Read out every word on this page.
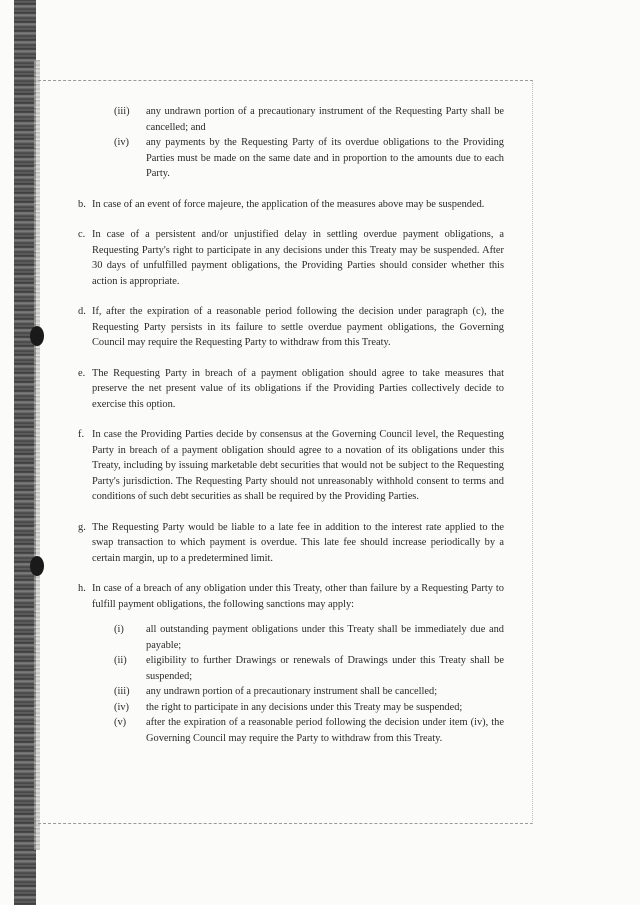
(iii)	any undrawn portion of a precautionary instrument of the Requesting Party shall be cancelled; and
(iv)	any payments by the Requesting Party of its overdue obligations to the Providing Parties must be made on the same date and in proportion to the amounts due to each Party.
b. In case of an event of force majeure, the application of the measures above may be suspended.
c. In case of a persistent and/or unjustified delay in settling overdue payment obligations, a Requesting Party's right to participate in any decisions under this Treaty may be suspended. After 30 days of unfulfilled payment obligations, the Providing Parties should consider whether this action is appropriate.
d. If, after the expiration of a reasonable period following the decision under paragraph (c), the Requesting Party persists in its failure to settle overdue payment obligations, the Governing Council may require the Requesting Party to withdraw from this Treaty.
e. The Requesting Party in breach of a payment obligation should agree to take measures that preserve the net present value of its obligations if the Providing Parties collectively decide to exercise this option.
f. In case the Providing Parties decide by consensus at the Governing Council level, the Requesting Party in breach of a payment obligation should agree to a novation of its obligations under this Treaty, including by issuing marketable debt securities that would not be subject to the Requesting Party's jurisdiction. The Requesting Party should not unreasonably withhold consent to terms and conditions of such debt securities as shall be required by the Providing Parties.
g. The Requesting Party would be liable to a late fee in addition to the interest rate applied to the swap transaction to which payment is overdue. This late fee should increase periodically by a certain margin, up to a predetermined limit.
h. In case of a breach of any obligation under this Treaty, other than failure by a Requesting Party to fulfill payment obligations, the following sanctions may apply:
(i)	all outstanding payment obligations under this Treaty shall be immediately due and payable;
(ii)	eligibility to further Drawings or renewals of Drawings under this Treaty shall be suspended;
(iii)	any undrawn portion of a precautionary instrument shall be cancelled;
(iv)	the right to participate in any decisions under this Treaty may be suspended;
(v)	after the expiration of a reasonable period following the decision under item (iv), the Governing Council may require the Party to withdraw from this Treaty.
